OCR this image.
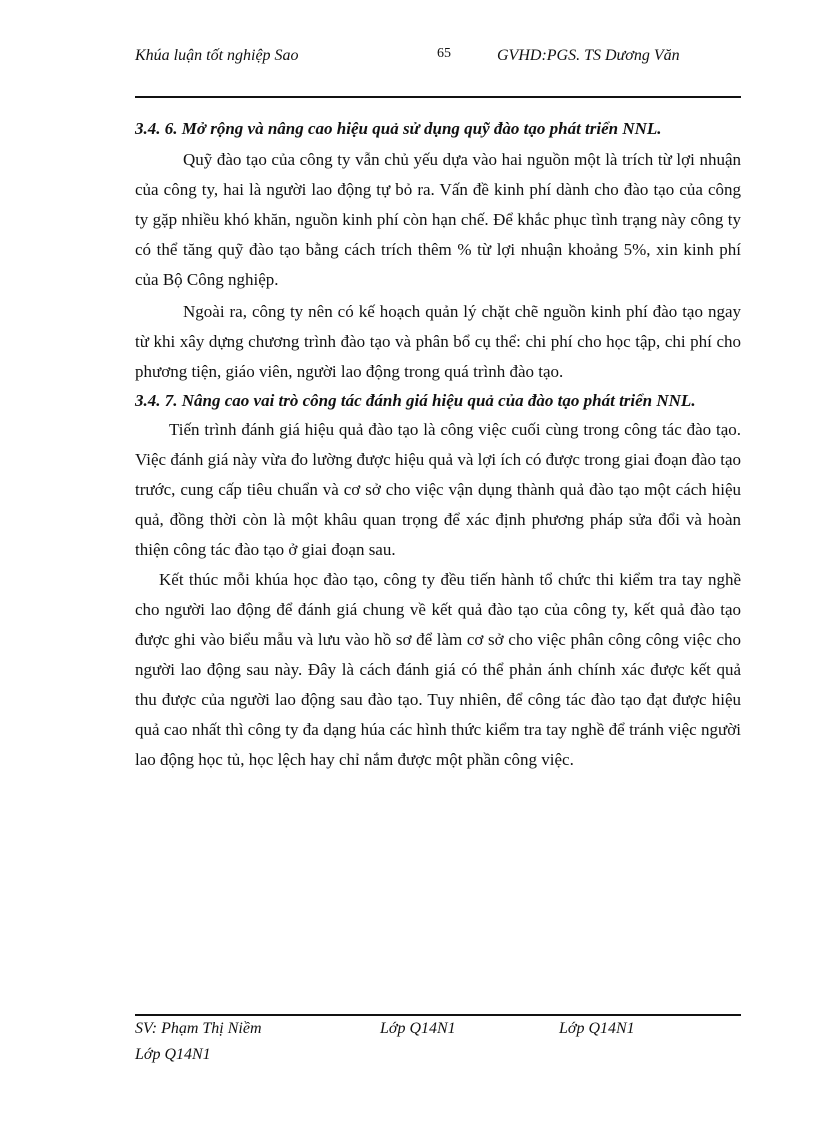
Khúa luận tốt nghiệp Sao	65	GVHD:PGS. TS Dương Văn

3.4. 6. Mở rộng và nâng cao hiệu quả sử dụng quỹ đào tạo phát triển NNL.

Quỹ đào tạo của công ty vẫn chủ yếu dựa vào hai nguồn một là trích từ lợi nhuận của công ty, hai là người lao động tự bỏ ra. Vấn đề kinh phí dành cho đào tạo của công ty gặp nhiều khó khăn, nguồn kinh phí còn hạn chế. Để khắc phục tình trạng này công ty có thể tăng quỹ đào tạo bằng cách trích thêm % từ lợi nhuận khoảng 5%, xin kinh phí của Bộ Công nghiệp.

Ngoài ra, công ty nên có kế hoạch quản lý chặt chẽ nguồn kinh phí đào tạo ngay từ khi xây dựng chương trình đào tạo và phân bổ cụ thể: chi phí cho học tập, chi phí cho phương tiện, giáo viên, người lao động trong quá trình đào tạo.

3.4. 7. Nâng cao vai trò công tác đánh giá hiệu quả của đào tạo phát triển NNL.

Tiến trình đánh giá hiệu quả đào tạo là công việc cuối cùng trong công tác đào tạo. Việc đánh giá này vừa đo lường được hiệu quả và lợi ích có được trong giai đoạn đào tạo trước, cung cấp tiêu chuẩn và cơ sở cho việc vận dụng thành quả đào tạo một cách hiệu quả, đồng thời còn là một khâu quan trọng để xác định phương pháp sửa đổi và hoàn thiện công tác đào tạo ở giai đoạn sau.

Kết thúc mỗi khúa học đào tạo, công ty đều tiến hành tổ chức thi kiểm tra tay nghề cho người lao động để đánh giá chung về kết quả đào tạo của công ty, kết quả đào tạo được ghi vào biểu mẫu và lưu vào hồ sơ để làm cơ sở cho việc phân công công việc cho người lao động sau này. Đây là cách đánh giá có thể phản ánh chính xác được kết quả thu được của người lao động sau đào tạo. Tuy nhiên, để công tác đào tạo đạt được hiệu quả cao nhất thì công ty đa dạng húa các hình thức kiểm tra tay nghề để tránh việc người lao động học tủ, học lệch hay chỉ nắm được một phần công việc.

SV: Phạm Thị Niềm	Lớp Q14N1	Lớp Q14N1
Lớp Q14N1
